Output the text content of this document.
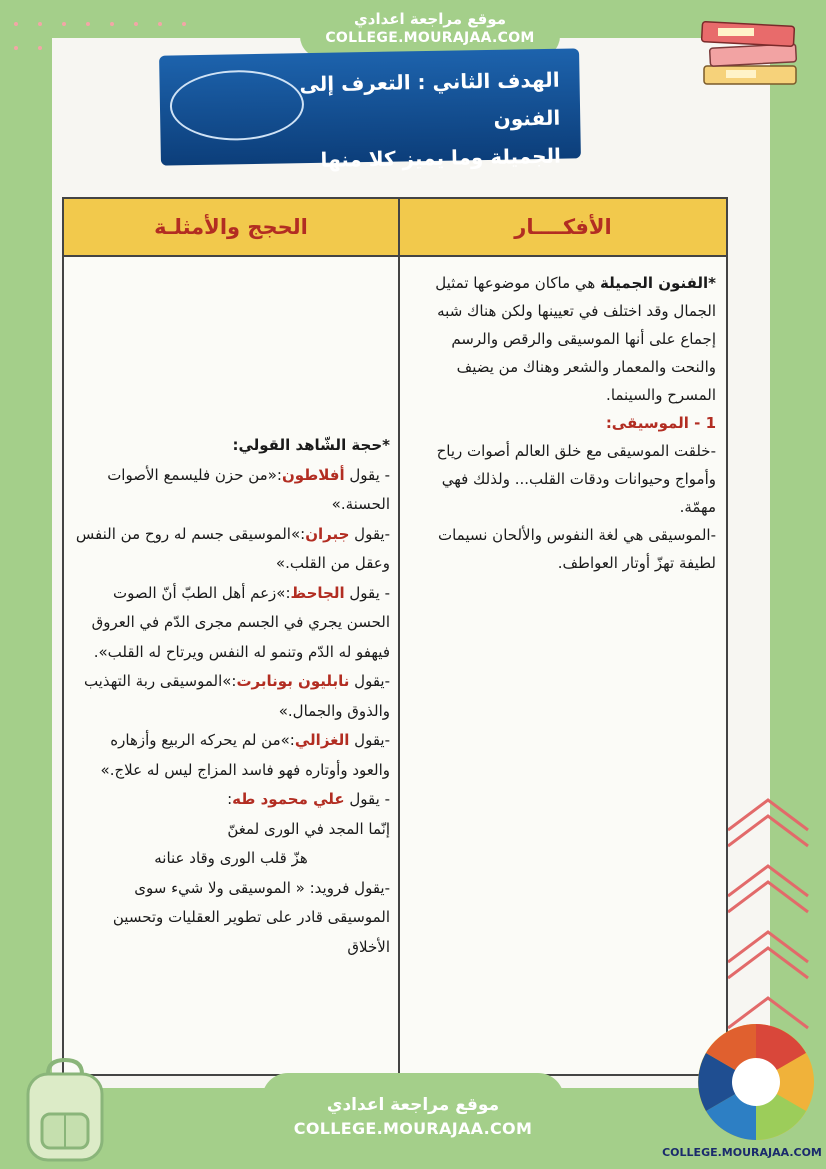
موقع مراجعة اعدادي
COLLEGE.MOURAJAA.COM
الهدف الثاني : التعرف إلى الفنون
الجميلة وما يميز كلا منها
الأفكــــار
الحجج والأمثلـة

*الفنون الجميلة هي ماكان موضوعها تمثيل الجمال وقد اختلف في تعيينها ولكن هناك شبه إجماع على أنها الموسيقى والرقص والرسم والنحت والمعمار والشعر وهناك من يضيف المسرح والسينما.

1 - الموسيقى:

-خلقت الموسيقى مع خلق العالم أصوات رياح وأمواج وحيوانات ودقات القلب... ولذلك فهي مهمّة.

-الموسيقى هي لغة النفوس والألحان نسيمات لطيفة تهزّ أوتار العواطف.

*حجة الشّاهد القولي:

- يقول أفلاطون:«من حزن فليسمع الأصوات الحسنة.»

-يقول جبران:»الموسيقى جسم له روح من النفس وعقل من القلب.»

- يقول الجاحظ:»زعم أهل الطبّ أنّ الصوت الحسن يجري في الجسم مجرى الدّم في العروق فيهفو له الدّم وتنمو له النفس ويرتاح له القلب».

-يقول نابليون بونابرت:»الموسيقى ربة التهذيب والذوق والجمال.»

-يقول الغزالي:»من لم يحركه الربيع وأزهاره والعود وأوتاره فهو فاسد المزاج ليس له علاج.»

- يقول علي محمود طه:

إنّما المجد في الورى لمغنّ

هزّ قلب الورى وقاد عنانه

-يقول فرويد: « الموسيقى ولا شيء سوى الموسيقى قادر على تطوير العقليات وتحسين الأخلاق

COLLEGE.MOURAJAA.COM
موقع مراجعة اعدادي
COLLEGE.MOURAJAA.COM
